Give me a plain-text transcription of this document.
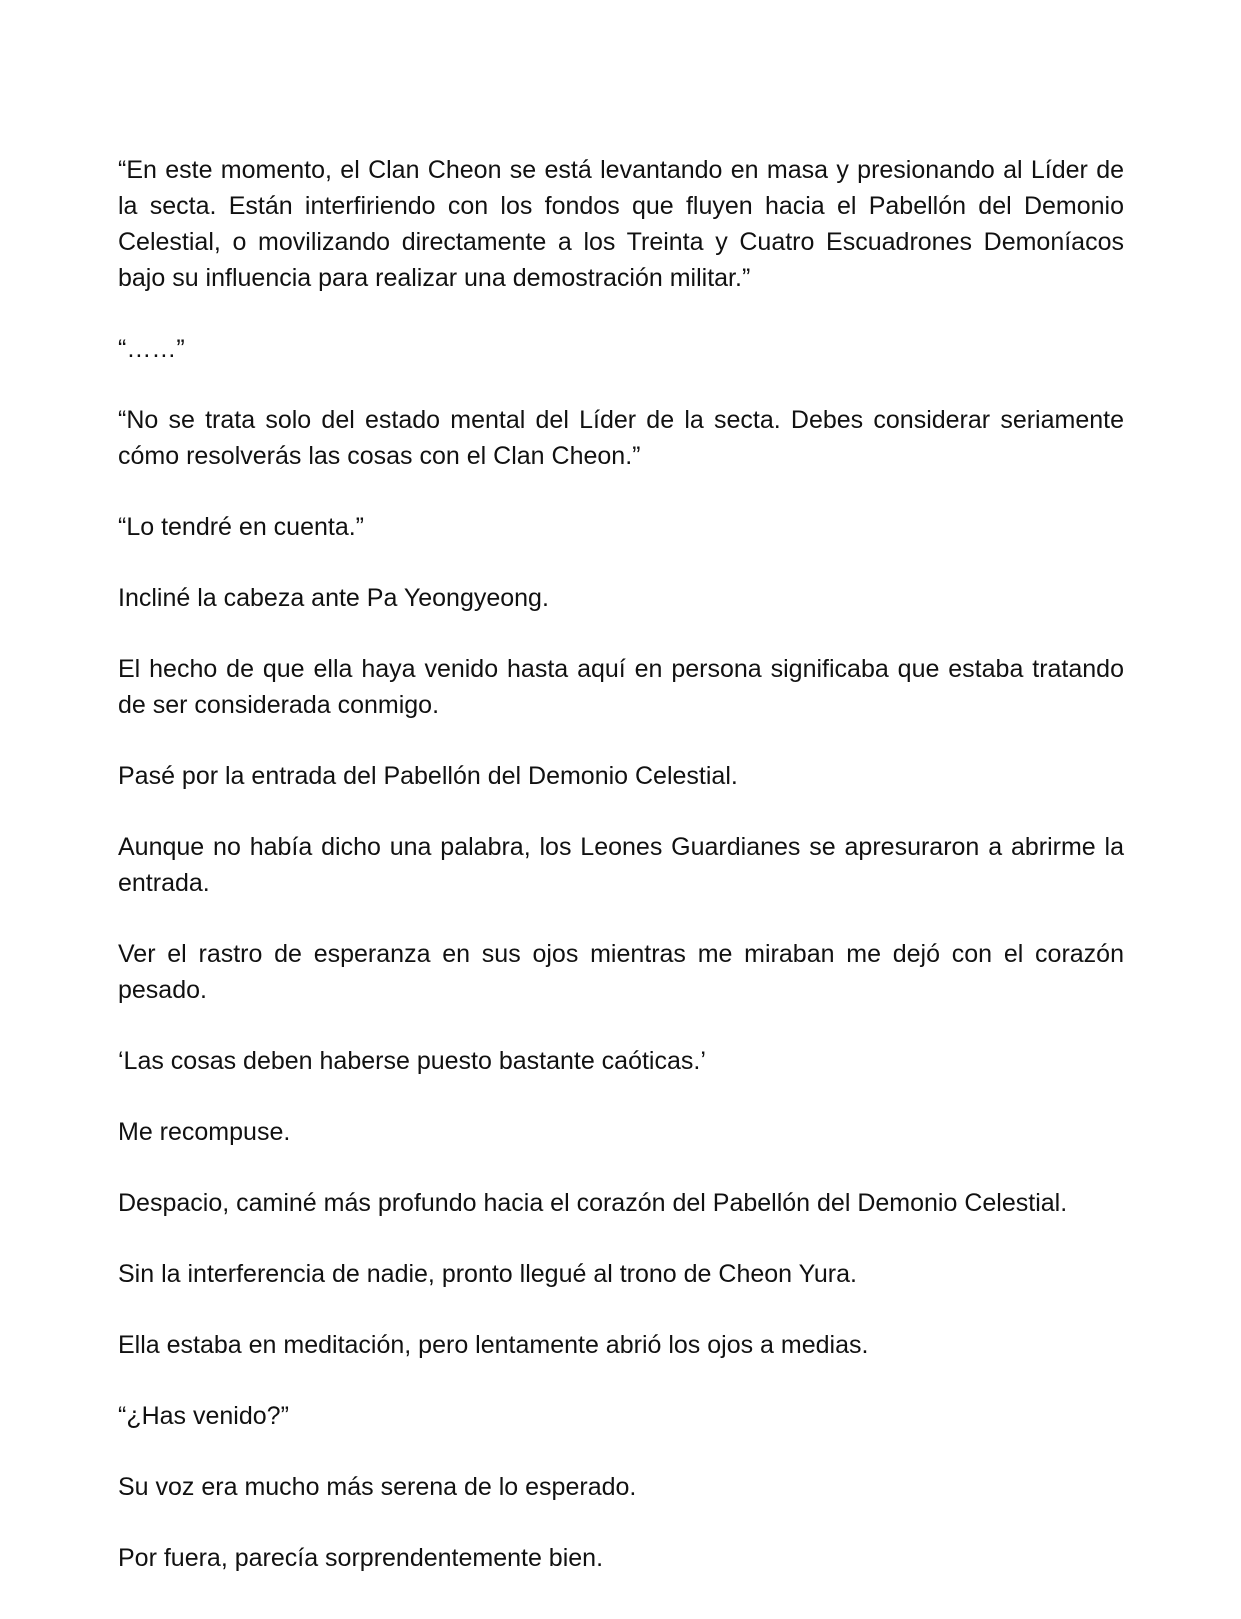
“En este momento, el Clan Cheon se está levantando en masa y presionando al Líder de la secta. Están interfiriendo con los fondos que fluyen hacia el Pabellón del Demonio Celestial, o movilizando directamente a los Treinta y Cuatro Escuadrones Demoníacos bajo su influencia para realizar una demostración militar.”

“……”

“No se trata solo del estado mental del Líder de la secta. Debes considerar seriamente cómo resolverás las cosas con el Clan Cheon.”

“Lo tendré en cuenta.”

Incliné la cabeza ante Pa Yeongyeong.

El hecho de que ella haya venido hasta aquí en persona significaba que estaba tratando de ser considerada conmigo.

Pasé por la entrada del Pabellón del Demonio Celestial.

Aunque no había dicho una palabra, los Leones Guardianes se apresuraron a abrirme la entrada.

Ver el rastro de esperanza en sus ojos mientras me miraban me dejó con el corazón pesado.

‘Las cosas deben haberse puesto bastante caóticas.’

Me recompuse.

Despacio, caminé más profundo hacia el corazón del Pabellón del Demonio Celestial.

Sin la interferencia de nadie, pronto llegué al trono de Cheon Yura.

Ella estaba en meditación, pero lentamente abrió los ojos a medias.

“¿Has venido?”

Su voz era mucho más serena de lo esperado.

Por fuera, parecía sorprendentemente bien.
